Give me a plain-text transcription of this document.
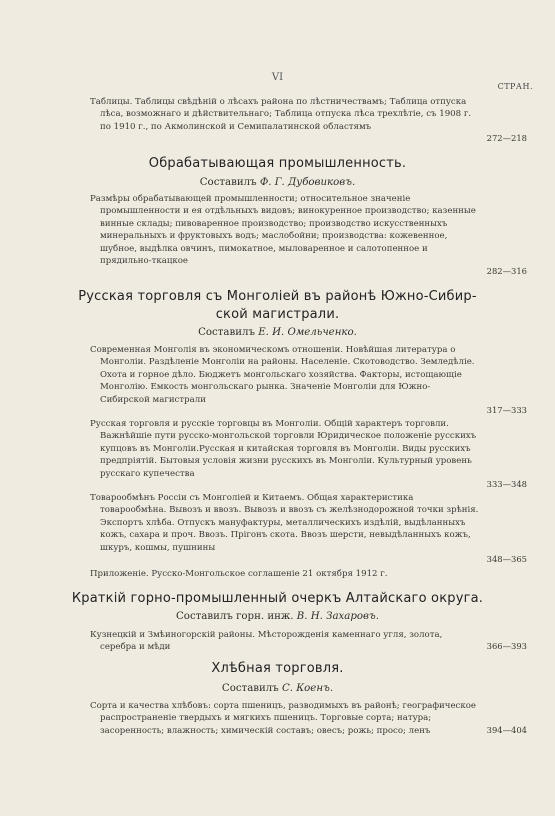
VI
СТРАН.
Таблицы. Таблицы свѣдѣній о лѣсахъ района по лѣстничествамъ; Таблица отпуска лѣса, возможнаго и дѣйствительнаго; Таблица отпуска лѣса трехлѣтіе, съ 1908 г. по 1910 г., по Акмолинской и Семипалатинской областямъ
272—218
Обрабатывающая промышленность.
Составилъ Ф. Г. Дубовиковъ.
Размѣры обрабатывающей промышленности; относительное значеніе промышленности и ея отдѣльныхъ видовъ; винокуренное производство; казенные винные склады; пивоваренное производство; производство искусственныхъ минеральныхъ и фруктовыхъ водъ; маслобойни; производства: кожевенное, шубное, выдѣлка овчинъ, пимокатное, мыловаренное и салотопенное и прядильно-ткацкое
282—316
Русская торговля съ Монголіей въ районѣ Южно-Сибир-
ской магистрали.
Составилъ Е. И. Омельченко.
Современная Монголія въ экономическомъ отношеніи. Новѣйшая литература о Монголіи. Раздѣленіе Монголіи на районы. Населеніе. Скотоводство. Земледѣліе. Охота и горное дѣло. Бюджетъ монгольскаго хозяйства. Факторы, истощающіе Монголію. Емкость монгольскаго рынка. Значеніе Монголіи для Южно-Сибирской магистрали
317—333
Русская торговля и русскіе торговцы въ Монголіи. Общій характеръ торговли. Важнѣйшіе пути русско-монгольской торговли Юридическое положеніе русскихъ купцовъ въ Монголіи.Русская и китайская торговля въ Монголіи. Виды русскихъ предпріятій. Бытовыя условія жизни русскихъ въ Монголіи. Культурный уровень русскаго купечества
333—348
Товарообмѣнъ Россіи съ Монголіей и Китаемъ. Общая характеристика товарообмѣна. Вывозъ и ввозъ. Вывозъ и ввозъ съ желѣзнодорожной точки зрѣнія. Экспортъ хлѣба. Отпускъ мануфактуры, металлическихъ издѣлій, выдѣланныхъ кожъ, сахара и проч. Ввозъ. Прігонъ скота. Ввозъ шерсти, невыдѣланныхъ кожъ, шкуръ, кошмы, пушнины
348—365
Приложеніе. Русско-Монгольское соглашеніе 21 октября 1912 г.
Краткій горно-промышленный очеркъ Алтайскаго округа.
Составилъ горн. инж. В. Н. Захаровъ.
Кузнецкій и Змѣиногорскій районы. Мѣсторожденія каменнаго угля, золота, серебра и мѣди	366—393
Хлѣбная торговля.
Составилъ С. Коенъ.
Сорта и качества хлѣбовъ: сорта пшеницъ, разводимыхъ въ районѣ; географическое распространеніе твердыхъ и мягкихъ пшеницъ. Торговые сорта; натура; засоренность; влажность; химическій составъ; овесъ; рожь; просо; ленъ	394—404
